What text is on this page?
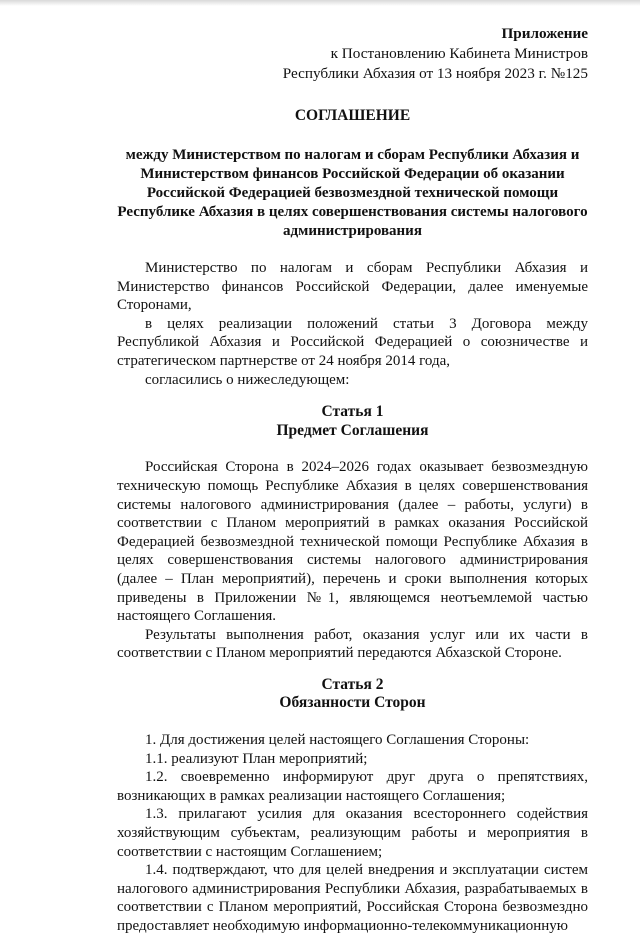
Приложение
к Постановлению Кабинета Министров
Республики Абхазия от 13 ноября 2023 г. №125
СОГЛАШЕНИЕ
между Министерством по налогам и сборам Республики Абхазия и Министерством финансов Российской Федерации об оказании Российской Федерацией безвозмездной технической помощи Республике Абхазия в целях совершенствования системы налогового администрирования

Министерство по налогам и сборам Республики Абхазия и Министерство финансов Российской Федерации, далее именуемые Сторонами,

в целях реализации положений статьи 3 Договора между Республикой Абхазия и Российской Федерацией о союзничестве и стратегическом партнерстве от 24 ноября 2014 года,

согласились о нижеследующем:

Статья 1
Предмет Соглашения

Российская Сторона в 2024–2026 годах оказывает безвозмездную техническую помощь Республике Абхазия в целях совершенствования системы налогового администрирования (далее – работы, услуги) в соответствии с Планом мероприятий в рамках оказания Российской Федерацией безвозмездной технической помощи Республике Абхазия в целях совершенствования системы налогового администрирования (далее – План мероприятий), перечень и сроки выполнения которых приведены в Приложении №1, являющемся неотъемлемой частью настоящего Соглашения.

Результаты выполнения работ, оказания услуг или их части в соответствии с Планом мероприятий передаются Абхазской Стороне.

Статья 2
Обязанности Сторон

1. Для достижения целей настоящего Соглашения Стороны:

1.1. реализуют План мероприятий;

1.2. своевременно информируют друг друга о препятствиях, возникающих в рамках реализации настоящего Соглашения;

1.3. прилагают усилия для оказания всестороннего содействия хозяйствующим субъектам, реализующим работы и мероприятия в соответствии с настоящим Соглашением;

1.4. подтверждают, что для целей внедрения и эксплуатации систем налогового администрирования Республики Абхазия, разрабатываемых в соответствии с Планом мероприятий, Российская Сторона безвозмездно предоставляет необходимую информационно-телекоммуникационную
